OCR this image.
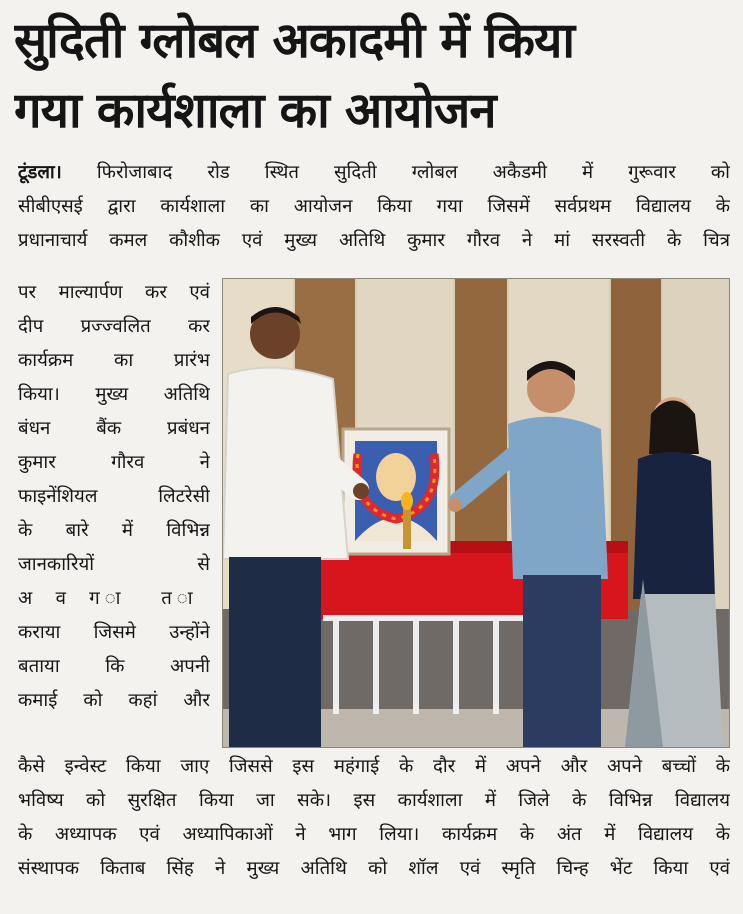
सुदिती ग्लोबल अकादमी में किया
गया कार्यशाला का आयोजन
टूंडला। फिरोजाबाद रोड स्थित सुदिती ग्लोबल अकैडमी में गुरूवार को
सीबीएसई द्वारा कार्यशाला का आयोजन किया गया जिसमें सर्वप्रथम विद्यालय के
प्रधानाचार्य कमल कौशीक एवं मुख्य अतिथि कुमार गौरव ने मां सरस्वती के चित्र
पर माल्यार्पण कर एवं
दीप प्रज्ज्वलित कर
कार्यक्रम का प्रारंभ
किया। मुख्य अतिथि
बंधन बैंक प्रबंधन
कुमार गौरव ने
फाइनेंशियल लिटरेसी
के बारे में विभिन्न
जानकारियों से
अ व ग ा त ा
कराया जिसमे उन्होंने
बताया कि अपनी
कमाई को कहां और
कैसे इन्वेस्ट किया जाए जिससे इस महंगाई के दौर में अपने और अपने बच्चों के
भविष्य को सुरक्षित किया जा सके। इस कार्यशाला में जिले के विभिन्न विद्यालय
के अध्यापक एवं अध्यापिकाओं ने भाग लिया। कार्यक्रम के अंत में विद्यालय के
संस्थापक किताब सिंह ने मुख्य अतिथि को शॉल एवं स्मृति चिन्ह भेंट किया एवं
